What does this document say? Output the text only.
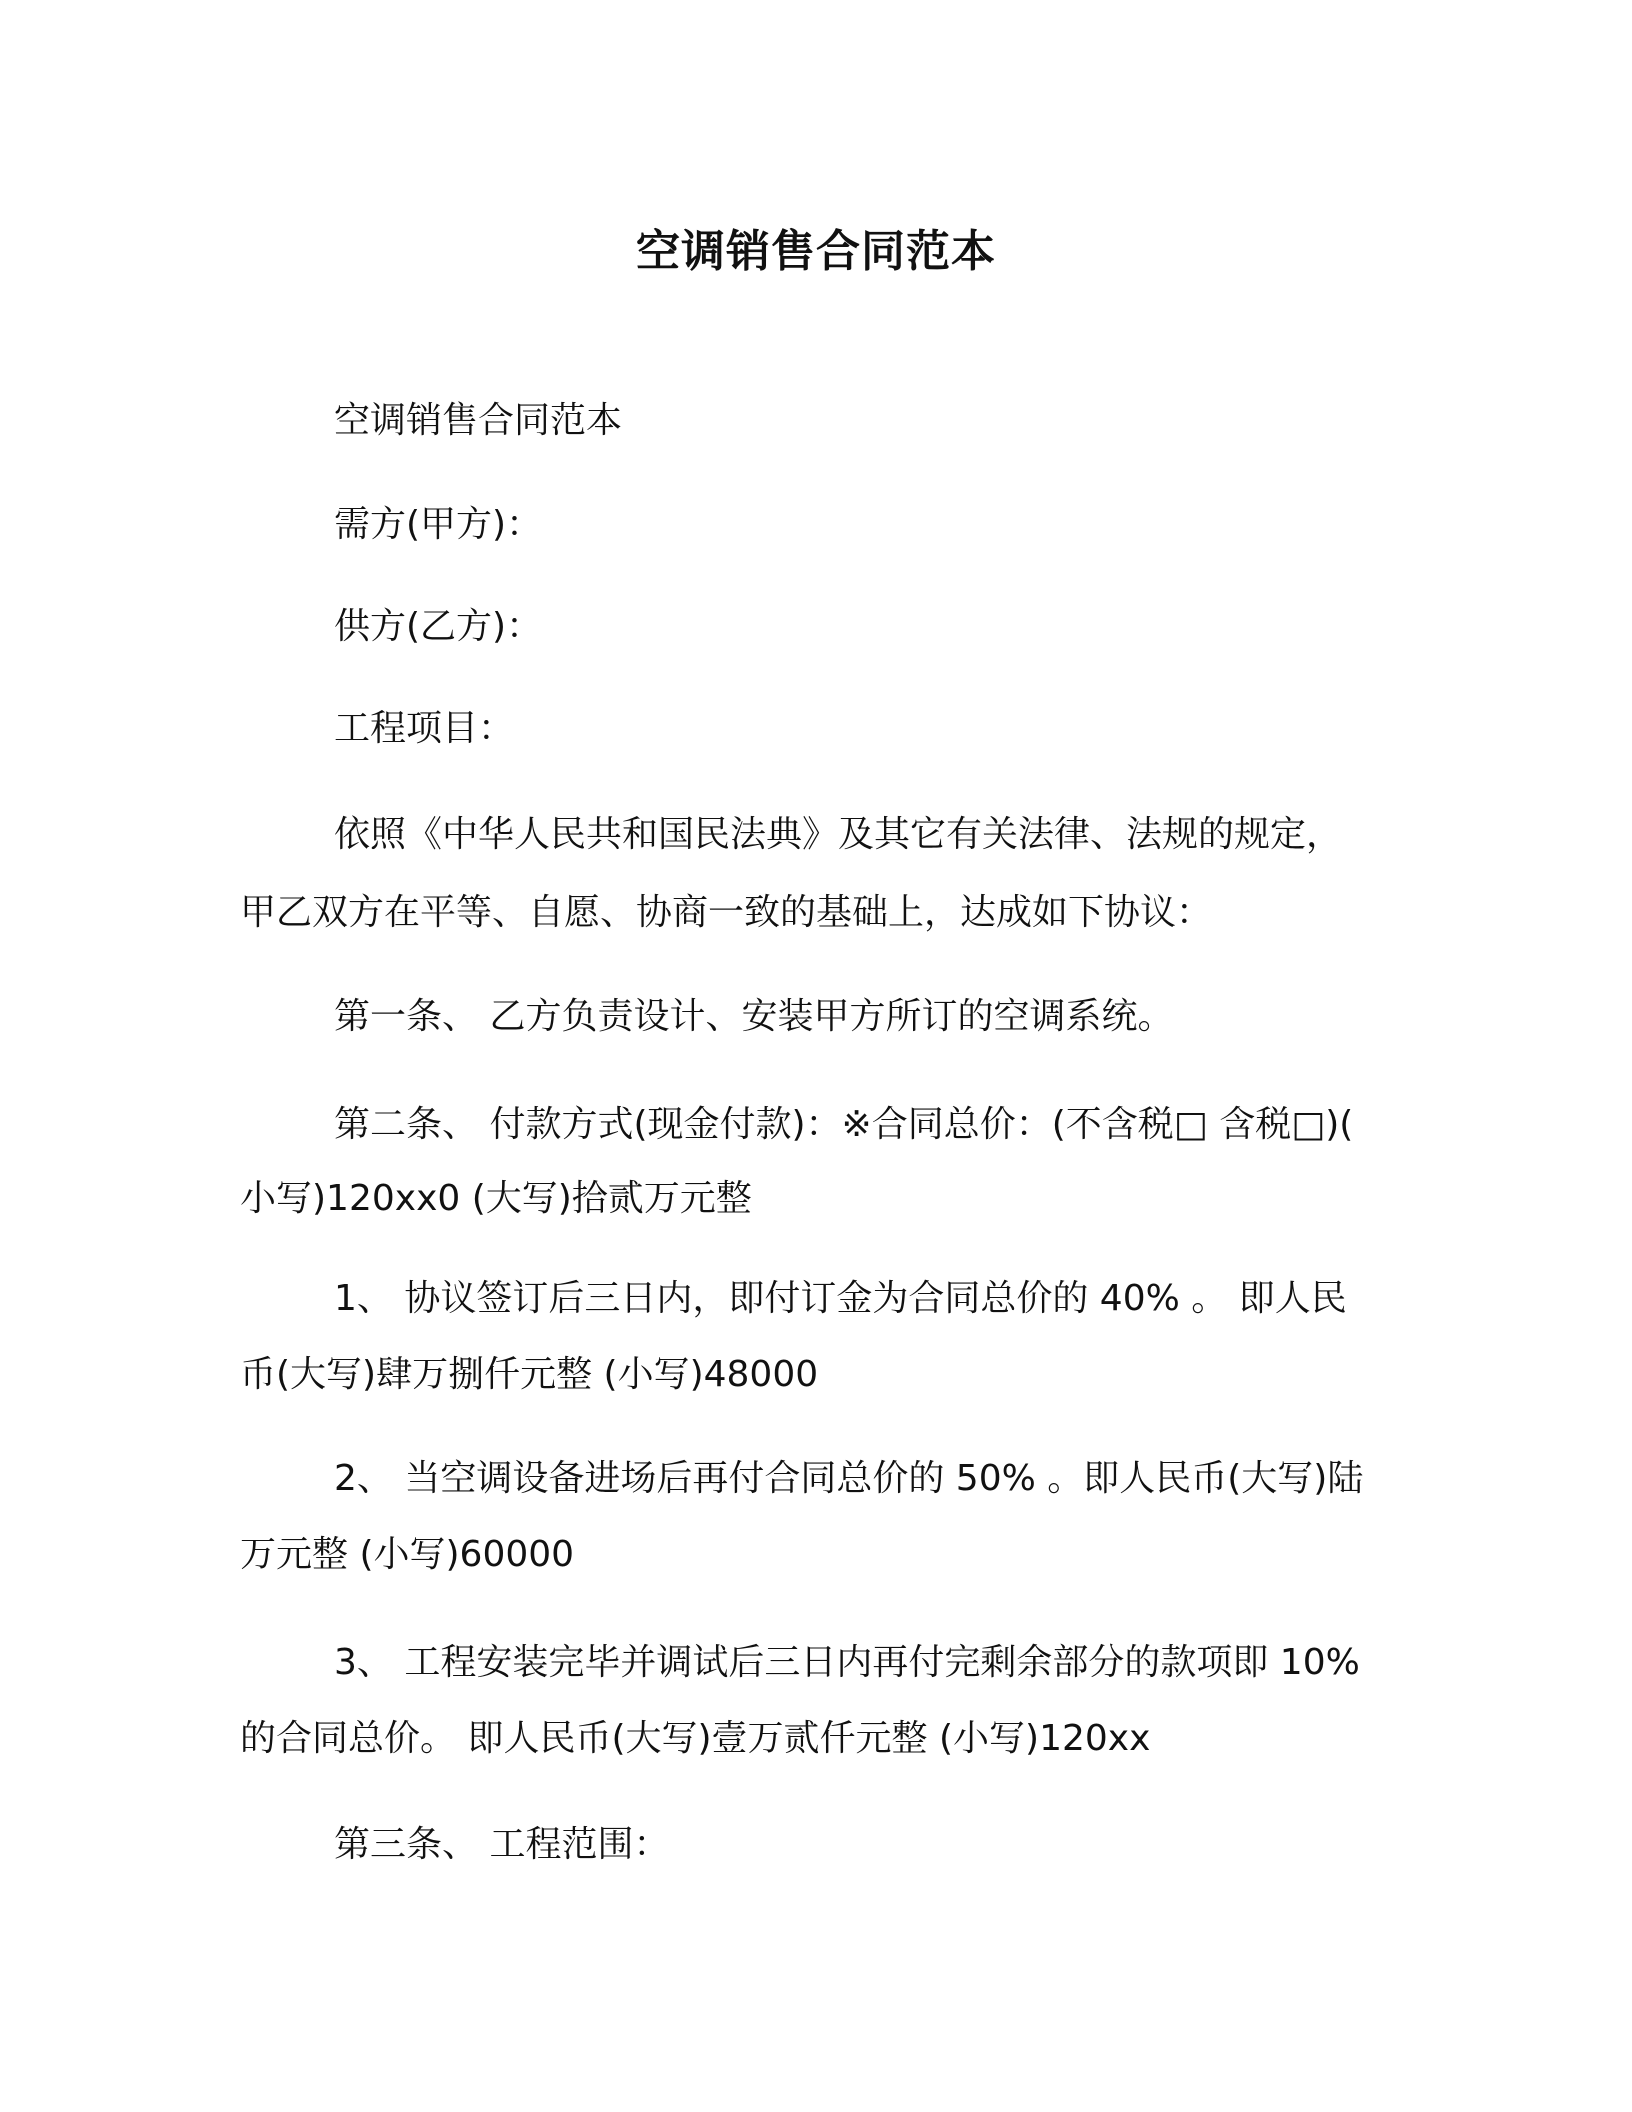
空调销售合同范本
空调销售合同范本
需方(甲方)：
供方(乙方)：
工程项目：
依照《中华人民共和国民法典》及其它有关法律、法规的规定，
甲乙双方在平等、自愿、协商一致的基础上，达成如下协议：
第一条、 乙方负责设计、安装甲方所订的空调系统。
第二条、 付款方式(现金付款)：※合同总价：(不含税□ 含税□)(
小写)120xx0 (大写)拾贰万元整
1、 协议签订后三日内，即付订金为合同总价的 40% 。 即人民
币(大写)肆万捌仟元整 (小写)48000
2、 当空调设备进场后再付合同总价的 50% 。即人民币(大写)陆
万元整 (小写)60000
3、 工程安装完毕并调试后三日内再付完剩余部分的款项即 10%
的合同总价。 即人民币(大写)壹万贰仟元整 (小写)120xx
第三条、 工程范围：
